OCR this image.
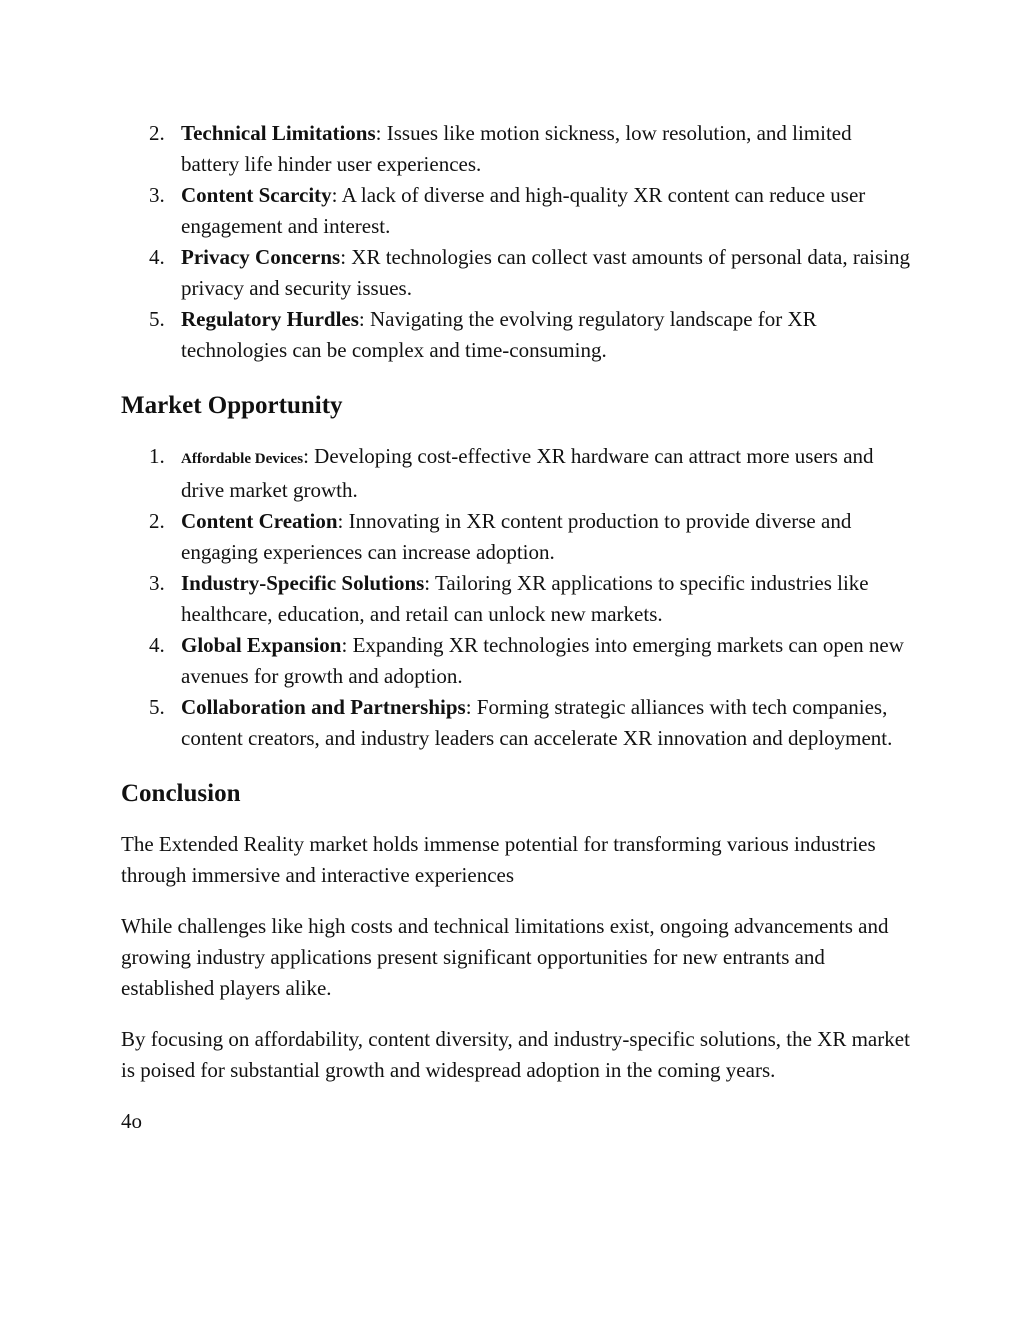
2. Technical Limitations: Issues like motion sickness, low resolution, and limited battery life hinder user experiences.
3. Content Scarcity: A lack of diverse and high-quality XR content can reduce user engagement and interest.
4. Privacy Concerns: XR technologies can collect vast amounts of personal data, raising privacy and security issues.
5. Regulatory Hurdles: Navigating the evolving regulatory landscape for XR technologies can be complex and time-consuming.
Market Opportunity
1.	Affordable Devices: Developing cost-effective XR hardware can attract more users and drive market growth.
2. Content Creation: Innovating in XR content production to provide diverse and engaging experiences can increase adoption.
3. Industry-Specific Solutions: Tailoring XR applications to specific industries like healthcare, education, and retail can unlock new markets.
4. Global Expansion: Expanding XR technologies into emerging markets can open new avenues for growth and adoption.
5. Collaboration and Partnerships: Forming strategic alliances with tech companies, content creators, and industry leaders can accelerate XR innovation and deployment.
Conclusion

The Extended Reality market holds immense potential for transforming various industries through immersive and interactive experiences

While challenges like high costs and technical limitations exist, ongoing advancements and growing industry applications present significant opportunities for new entrants and established players alike.

By focusing on affordability, content diversity, and industry-specific solutions, the XR market is poised for substantial growth and widespread adoption in the coming years.

4o
